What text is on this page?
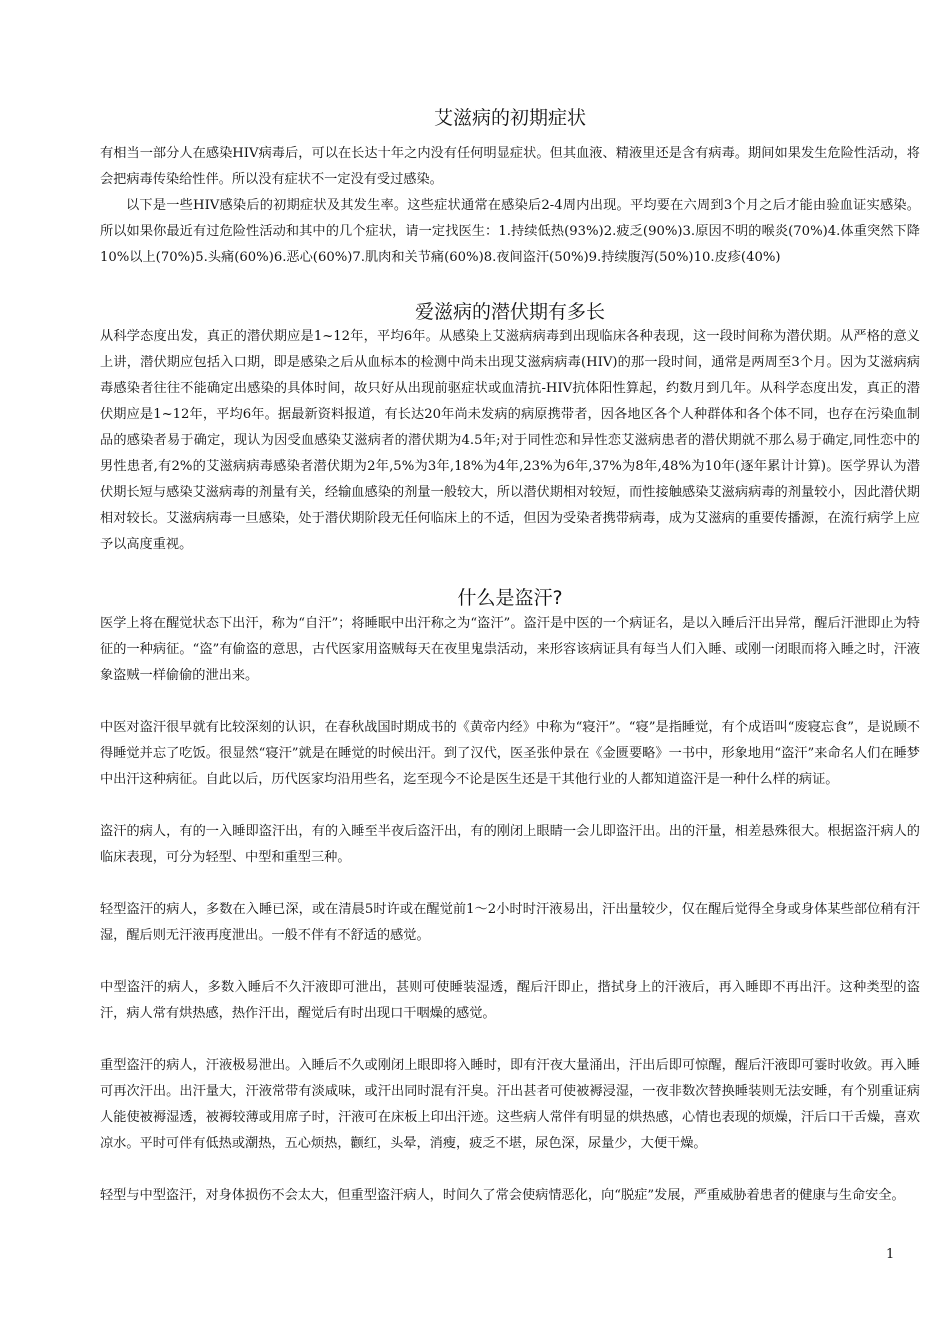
艾滋病的初期症状

有相当一部分人在感染HIV病毒后，可以在长达十年之内没有任何明显症状。但其血液、精液里还是含有病毒。期间如果发生危险性活动，将会把病毒传染给性伴。所以没有症状不一定没有受过感染。

以下是一些HIV感染后的初期症状及其发生率。这些症状通常在感染后2-4周内出现。平均要在六周到3个月之后才能由验血证实感染。所以如果你最近有过危险性活动和其中的几个症状，请一定找医生：1.持续低热(93%)2.疲乏(90%)3.原因不明的喉炎(70%)4.体重突然下降10%以上(70%)5.头痛(60%)6.恶心(60%)7.肌肉和关节痛(60%)8.夜间盗汗(50%)9.持续腹泻(50%)10.皮疹(40%)

爱滋病的潜伏期有多长

从科学态度出发，真正的潜伏期应是1~12年，平均6年。从感染上艾滋病病毒到出现临床各种表现，这一段时间称为潜伏期。从严格的意义上讲，潜伏期应包括入口期，即是感染之后从血标本的检测中尚未出现艾滋病病毒(HIV)的那一段时间，通常是两周至3个月。因为艾滋病病毒感染者往往不能确定出感染的具体时间，故只好从出现前驱症状或血清抗-HIV抗体阳性算起，约数月到几年。从科学态度出发，真正的潜伏期应是1~12年，平均6年。据最新资料报道，有长达20年尚未发病的病原携带者，因各地区各个人种群体和各个体不同，也存在污染血制品的感染者易于确定，现认为因受血感染艾滋病者的潜伏期为4.5年;对于同性恋和异性恋艾滋病患者的潜伏期就不那么易于确定,同性恋中的男性患者,有2%的艾滋病病毒感染者潜伏期为2年,5%为3年,18%为4年,23%为6年,37%为8年,48%为10年(逐年累计计算)。医学界认为潜伏期长短与感染艾滋病毒的剂量有关，经输血感染的剂量一般较大，所以潜伏期相对较短，而性接触感染艾滋病病毒的剂量较小，因此潜伏期相对较长。艾滋病病毒一旦感染，处于潜伏期阶段无任何临床上的不适，但因为受染者携带病毒，成为艾滋病的重要传播源，在流行病学上应予以高度重视。

什么是盗汗?

医学上将在醒觉状态下出汗，称为“自汗”；将睡眠中出汗称之为“盗汗”。盗汗是中医的一个病证名，是以入睡后汗出异常，醒后汗泄即止为特征的一种病征。“盗”有偷盗的意思，古代医家用盗贼每天在夜里鬼祟活动，来形容该病证具有每当人们入睡、或刚一闭眼而将入睡之时，汗液象盗贼一样偷偷的泄出来。

中医对盗汗很早就有比较深刻的认识，在春秋战国时期成书的《黄帝内经》中称为“寝汗”。“寝”是指睡觉，有个成语叫“废寝忘食”，是说顾不得睡觉并忘了吃饭。很显然“寝汗”就是在睡觉的时候出汗。到了汉代，医圣张仲景在《金匮要略》一书中，形象地用“盗汗”来命名人们在睡梦中出汗这种病征。自此以后，历代医家均沿用些名，迄至现今不论是医生还是干其他行业的人都知道盗汗是一种什么样的病证。

盗汗的病人，有的一入睡即盗汗出，有的入睡至半夜后盗汗出，有的刚闭上眼睛一会儿即盗汗出。出的汗量，相差悬殊很大。根据盗汗病人的临床表现，可分为轻型、中型和重型三种。

轻型盗汗的病人，多数在入睡已深，或在清晨5时许或在醒觉前1～2小时时汗液易出，汗出量较少，仅在醒后觉得全身或身体某些部位稍有汗湿，醒后则无汗液再度泄出。一般不伴有不舒适的感觉。

中型盗汗的病人，多数入睡后不久汗液即可泄出，甚则可使睡装湿透，醒后汗即止，揩拭身上的汗液后，再入睡即不再出汗。这种类型的盗汗，病人常有烘热感，热作汗出，醒觉后有时出现口干咽燥的感觉。

重型盗汗的病人，汗液极易泄出。入睡后不久或刚闭上眼即将入睡时，即有汗夜大量涌出，汗出后即可惊醒，醒后汗液即可霎时收敛。再入睡可再次汗出。出汗量大，汗液常带有淡咸味，或汗出同时混有汗臭。汗出甚者可使被褥浸湿，一夜非数次替换睡装则无法安睡，有个别重证病人能使被褥湿透，被褥较薄或用席子时，汗液可在床板上印出汗迹。这些病人常伴有明显的烘热感，心情也表现的烦燥，汗后口干舌燥，喜欢凉水。平时可伴有低热或潮热，五心烦热，颧红，头晕，消瘦，疲乏不堪，尿色深，尿量少，大便干燥。

轻型与中型盗汗，对身体损伤不会太大，但重型盗汗病人，时间久了常会使病情恶化，向“脱症”发展，严重威胁着患者的健康与生命安全。

1
